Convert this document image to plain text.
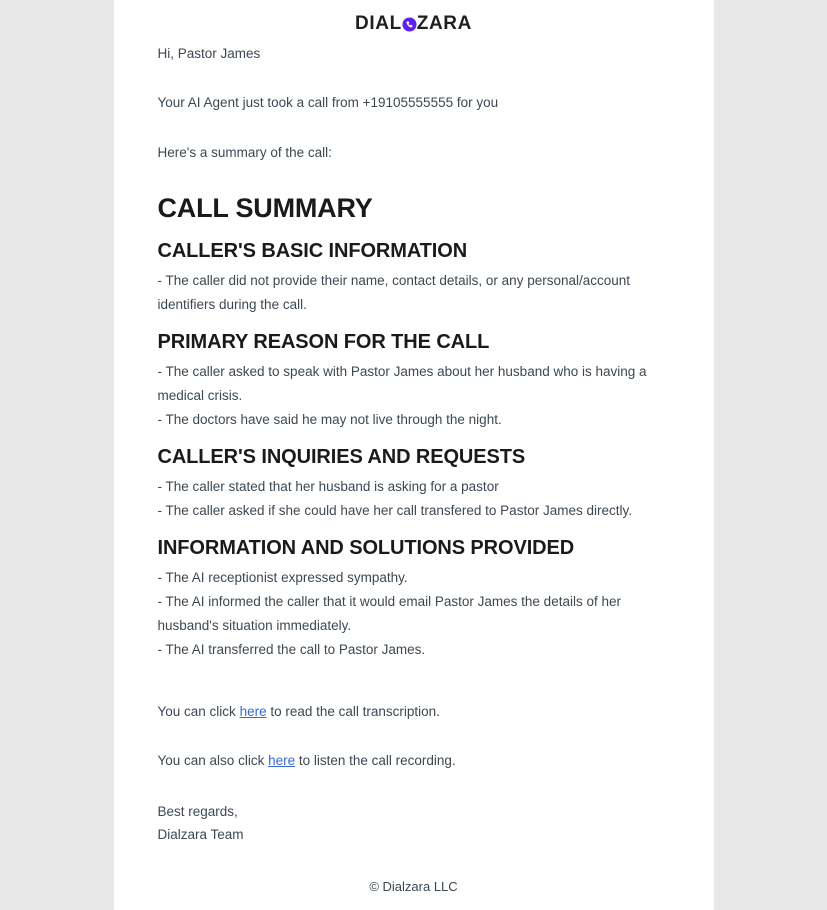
DIAL ZARA

Hi, Pastor James

Your AI Agent just took a call from +19105555555 for you

Here's a summary of the call:

CALL SUMMARY
CALLER'S BASIC INFORMATION

- The caller did not provide their name, contact details, or any personal/account identifiers during the call.

PRIMARY REASON FOR THE CALL

- The caller asked to speak with Pastor James about her husband who is having a medical crisis.

- The doctors have said he may not live through the night.

CALLER'S INQUIRIES AND REQUESTS

- The caller stated that her husband is asking for a pastor

- The caller asked if she could have her call transfered to Pastor James directly.

INFORMATION AND SOLUTIONS PROVIDED

- The AI receptionist expressed sympathy.

- The AI informed the caller that it would email Pastor James the details of her husband's situation immediately.

- The AI transferred the call to Pastor James.

You can click here to read the call transcription.

You can also click here to listen the call recording.

Best regards,

Dialzara Team

© Dialzara LLC
